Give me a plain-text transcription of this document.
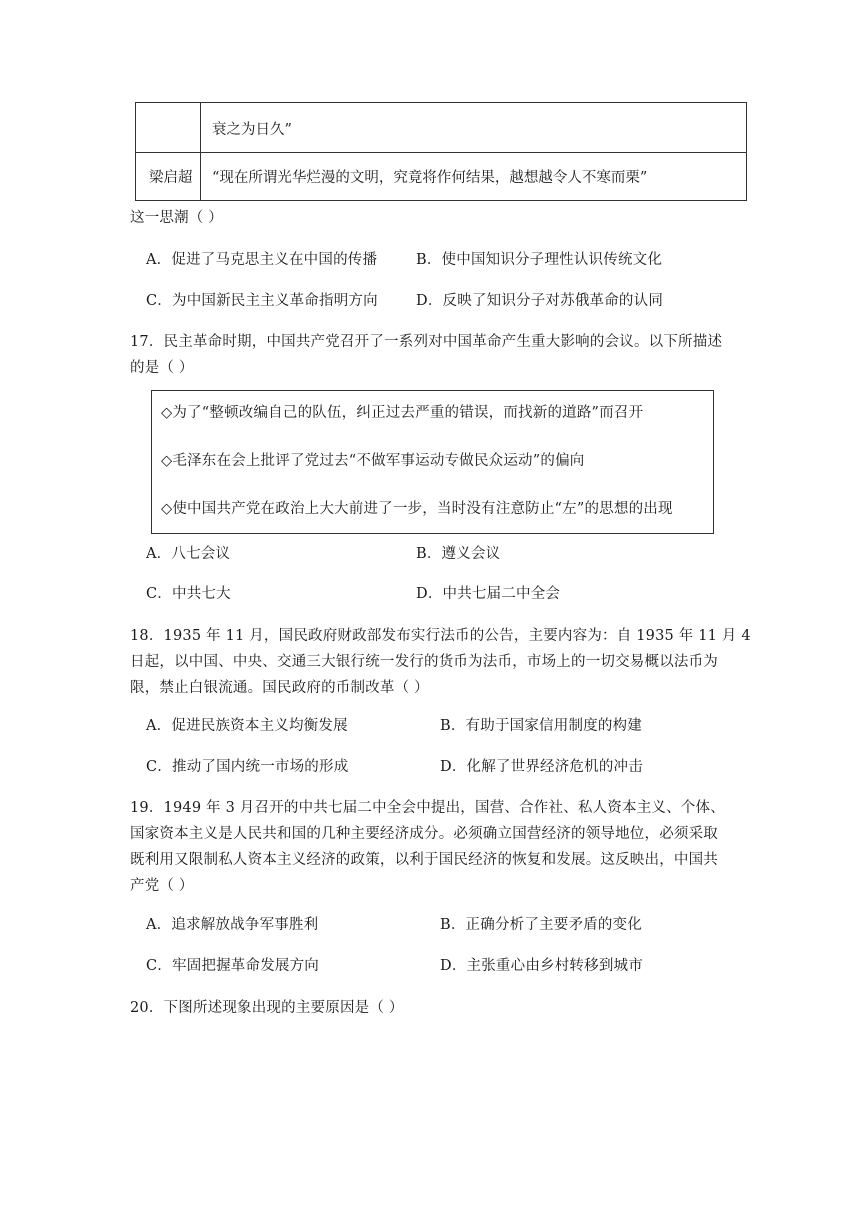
衰之为日久”
梁启超 “现在所谓光华烂漫的文明，究竟将作何结果，越想越令人不寒而栗”
这一思潮（ ）
A．促进了马克思主义在中国的传播	B．使中国知识分子理性认识传统文化
C．为中国新民主主义革命指明方向	D．反映了知识分子对苏俄革命的认同
17．民主革命时期，中国共产党召开了一系列对中国革命产生重大影响的会议。以下所描述
的是（ ）
◇为了“整顿改编自己的队伍，纠正过去严重的错误，而找新的道路”而召开
◇毛泽东在会上批评了党过去“不做军事运动专做民众运动”的偏向
◇使中国共产党在政治上大大前进了一步，当时没有注意防止“左”的思想的出现
A．八七会议	B．遵义会议
C．中共七大	D．中共七届二中全会
18．1935 年 11 月，国民政府财政部发布实行法币的公告，主要内容为：自 1935 年 11 月 4
日起，以中国、中央、交通三大银行统一发行的货币为法币，市场上的一切交易概以法币为
限，禁止白银流通。国民政府的币制改革（ ）
A．促进民族资本主义均衡发展	B．有助于国家信用制度的构建
C．推动了国内统一市场的形成	D．化解了世界经济危机的冲击
19．1949 年 3 月召开的中共七届二中全会中提出，国营、合作社、私人资本主义、个体、
国家资本主义是人民共和国的几种主要经济成分。必须确立国营经济的领导地位，必须采取
既利用又限制私人资本主义经济的政策，以利于国民经济的恢复和发展。这反映出，中国共
产党（ ）
A．追求解放战争军事胜利	B．正确分析了主要矛盾的变化
C．牢固把握革命发展方向	D．主张重心由乡村转移到城市
20．下图所述现象出现的主要原因是（ ）
